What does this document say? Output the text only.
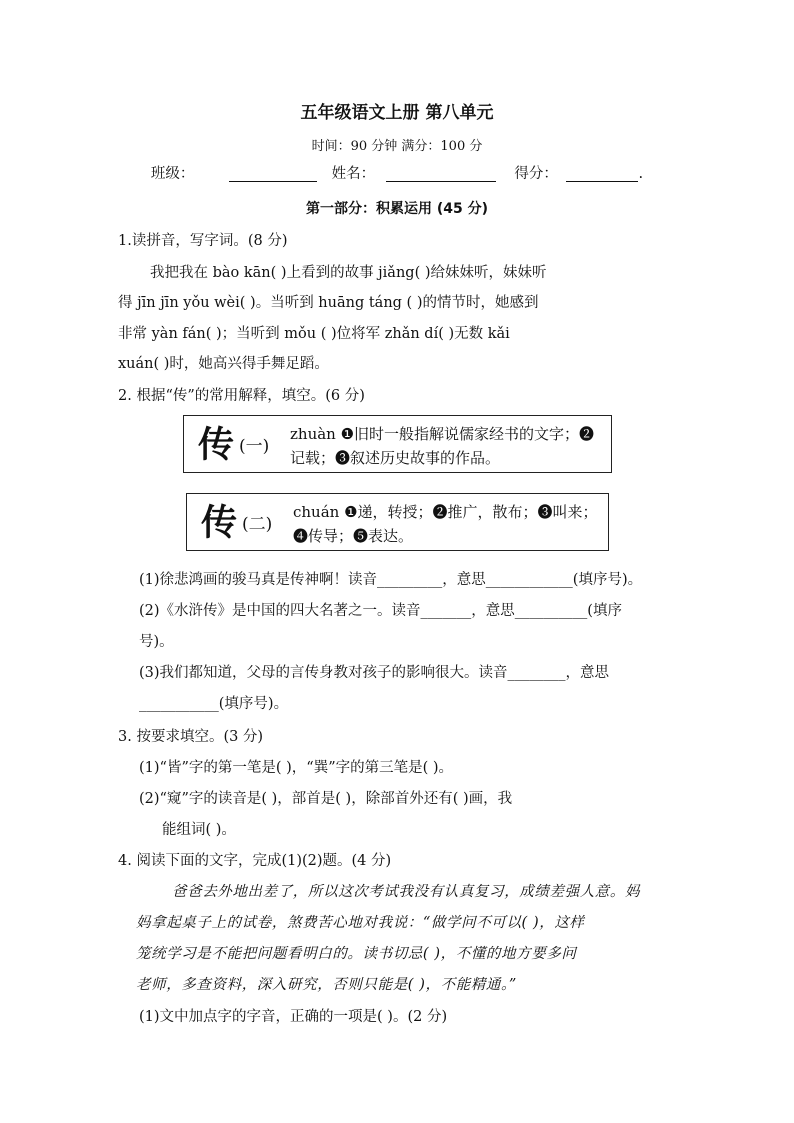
五年级语文上册 第八单元
时间：90 分钟 满分：100 分
班级：	姓名：	得分：	.
第一部分：积累运用 (45 分)
1.读拼音，写字词。(8 分)
我把我在 bào kān( )上看到的故事 jiǎng( )给妹妹听，妹妹听
得 jīn jīn yǒu wèi( )。当听到 huāng táng ( )的情节时，她感到
非常 yàn fán( )；当听到 mǒu ( )位将军 zhǎn dí( )无数 kǎi
xuán( )时，她高兴得手舞足蹈。
2. 根据“传”的常用解释，填空。(6 分)
传 (一)
zhuàn ❶旧时一般指解说儒家经书的文字；❷记载；❸叙述历史故事的作品。
传 (二)
chuán ❶递，转授；❷推广，散布；❸叫来；❹传导；❺表达。
(1)徐悲鸿画的骏马真是传神啊！读音_________，意思____________(填序号)。
(2)《水浒传》是中国的四大名著之一。读音_______，意思__________(填序
号)。
(3)我们都知道，父母的言传身教对孩子的影响很大。读音________，意思
___________(填序号)。
3. 按要求填空。(3 分)
(1)“皆”字的第一笔是( )，“巽”字的第三笔是( )。
(2)“窥”字的读音是( )，部首是( )，除部首外还有( )画，我
能组词( )。
4. 阅读下面的文字，完成(1)(2)题。(4 分)
爸爸去外地出差了，所以这次考试我没有认真复习，成绩差强人意。妈
妈拿起桌子上的试卷，煞费苦心地对我说：“做学问不可以( )，这样
笼统学习是不能把问题看明白的。读书切忌( )，不懂的地方要多问
老师，多查资料，深入研究，否则只能是( )，不能精通。”
(1)文中加点字的字音，正确的一项是( )。(2 分)
